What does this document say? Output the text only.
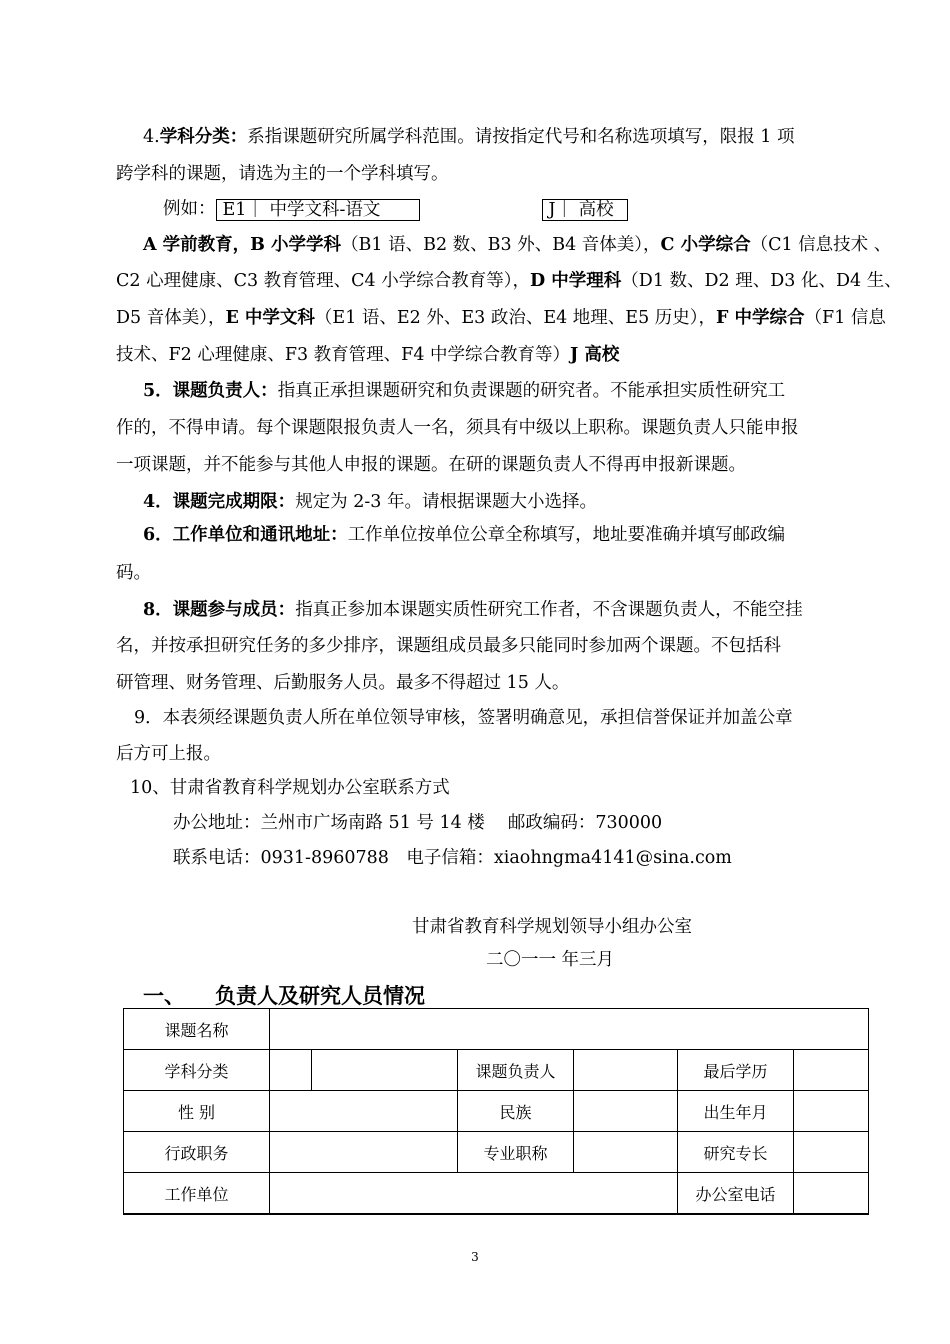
4.学科分类：系指课题研究所属学科范围。请按指定代号和名称选项填写，限报 1 项
跨学科的课题，请选为主的一个学科填写。
例如： E1｜ 中学文科-语文	J｜ 高校
A 学前教育，B 小学学科（B1 语、B2 数、B3 外、B4 音体美），C 小学综合（C1 信息技术 、
C2 心理健康、C3 教育管理、C4 小学综合教育等），D 中学理科（D1 数、D2 理、D3 化、D4 生、
D5 音体美），E 中学文科（E1 语、E2 外、E3 政治、E4 地理、E5 历史），F 中学综合（F1 信息
技术、F2 心理健康、F3 教育管理、F4 中学综合教育等）J 高校
5．课题负责人：指真正承担课题研究和负责课题的研究者。不能承担实质性研究工
作的，不得申请。每个课题限报负责人一名，须具有中级以上职称。课题负责人只能申报
一项课题，并不能参与其他人申报的课题。在研的课题负责人不得再申报新课题。
4．课题完成期限：规定为 2-3 年。请根据课题大小选择。
6．工作单位和通讯地址：工作单位按单位公章全称填写，地址要准确并填写邮政编
码。
8．课题参与成员：指真正参加本课题实质性研究工作者，不含课题负责人，不能空挂
名，并按承担研究任务的多少排序，课题组成员最多只能同时参加两个课题。不包括科
研管理、财务管理、后勤服务人员。最多不得超过 15 人。
9．本表须经课题负责人所在单位领导审核，签署明确意见，承担信誉保证并加盖公章
后方可上报。
10、甘肃省教育科学规划办公室联系方式
办公地址：兰州市广场南路 51 号 14 楼　 邮政编码：730000
联系电话：0931-8960788　电子信箱：xiaohngma4141@sina.com
甘肃省教育科学规划领导小组办公室
二〇一一 年三月
一、 负责人及研究人员情况
课题名称						
学科分类			课题负责人		最后学历	
性 别			民族		出生年月	
行政职务			专业职称		研究专长	
工作单位					办公室电话	
3
